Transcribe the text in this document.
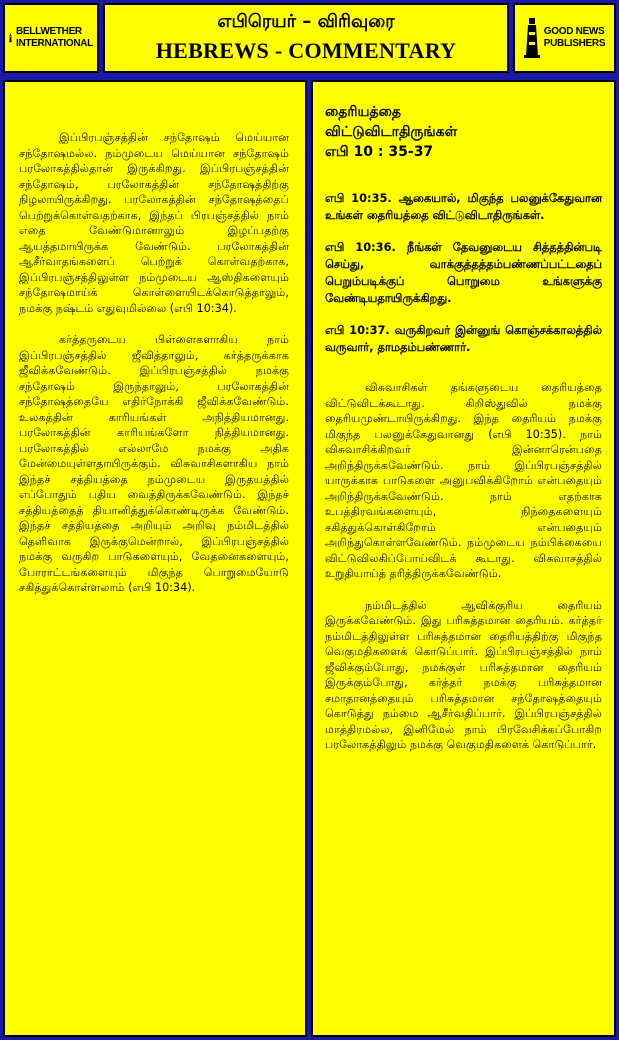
BELLWETHER
INTERNATIONAL
எபிரெயர் – விரிவுரை
HEBREWS - COMMENTARY
GOOD NEWS
PUBLISHERS

இப்பிரபஞ்சத்தின் சந்தோஷம் மெய்யான சந்தோஷமல்ல. நம்முடைய மெய்யான சந்தோஷம் பரலோகத்தில்தான் இருக்கிறது. இப்பிரபஞ்சத்தின் சந்தோஷம், பரலோகத்தின் சந்தோஷத்திற்கு நிழலாயிருக்கிறது. பரலோகத்தின் சந்தோஷத்தைப் பெற்றுக்கொள்வதற்காக, இந்தப் பிரபஞ்சத்தில் நாம் எதை வேண்டுமானாலும் இழப்பதற்கு ஆயத்தமாயிருக்க வேண்டும். பரலோகத்தின் ஆசீர்வாதங்களைப் பெற்றுக் கொள்வதற்காக, இப்பிரபஞ்சத்திலுள்ள நம்முடைய ஆஸ்திகளையும் சந்தோஷமாய்க் கொள்ளையிடக்கொடுத்தாலும், நமக்கு நஷ்டம் எதுவுமில்லை (எபி 10:34).

கர்த்தருடைய பிள்ளைகளாகிய நாம் இப்பிரபஞ்சத்தில் ஜீவித்தாலும், கர்த்தருக்காக ஜீவிக்கவேண்டும். இப்பிரபஞ்சத்தில் நமக்கு சந்தோஷம் இருந்தாலும், பரலோகத்தின் சந்தோஷத்தையே எதிர்நோக்கி ஜீவிக்கவேண்டும். உலகத்தின் காரியங்கள் அநித்தியமானது. பரலோகத்தின் காரியங்களோ நித்தியமானது. பரலோகத்தில் எல்லாமே நமக்கு அதிக மேன்மையுள்ளதாயிருக்கும். விசுவாசிகளாகிய நாம் இந்தச் சத்தியத்தை நம்முடைய இருதயத்தில் எப்போதும் பதிய வைத்திருக்கவேண்டும். இந்தச் சத்தியத்தைத் தியானித்துக்கொண்டிருக்க வேண்டும். இந்தச் சத்தியத்தை அறியும் அறிவு நம்மிடத்தில் தெளிவாக இருக்குமென்றால், இப்பிரபஞ்சத்தில் நமக்கு வருகிற பாடுகளையும், வேதனைகளையும், போராட்டங்களையும் மிகுந்த பொறுமையோடு சகித்துக்கொள்ளலாம் (எபி 10:34).

தைரியத்தை
விட்டுவிடாதிருங்கள்
எபி 10 : 35-37
எபி 10:35. ஆகையால், மிகுந்த பலனுக்கேதுவான உங்கள் தைரியத்தை விட்டுவிடாதிருங்கள்.
எபி 10:36. நீங்கள் தேவனுடைய சித்தத்தின்படி செய்து, வாக்குத்தத்தம்பண்ணப்பட்டதைப் பெறும்படிக்குப் பொறுமை உங்களுக்கு வேண்டியதாயிருக்கிறது.
எபி 10:37. வருகிறவர் இன்னுங் கொஞ்சக்காலத்தில் வருவார், தாமதம்பண்ணார்.

விசுவாசிகள் தங்களுடைய தைரியத்தை விட்டுவிடக்கூடாது. கிறிஸ்துவில் நமக்கு தைரியமுண்டாயிருக்கிறது. இந்த தைரியம் நமக்கு மிகுந்த பலனுக்கேதுவானது (எபி 10:35). நாம் விசுவாசிக்கிறவர் இன்னாரென்பதை அறிந்திருக்கவேண்டும். நாம் இப்பிரபஞ்சத்தில் யாருக்காக பாடுகளை அனுபவிக்கிறோம் என்பதையும் அறிந்திருக்கவேண்டும். நாம் எதற்காக உபத்திரவங்களையும், நிந்தைகளையும் சகித்துக்கொள்கிறோம் என்பதையும் அறிந்துகொள்ளவேண்டும். நம்முடைய நம்பிக்கையை விட்டுவிலகிப்போய்விடக் கூடாது. விசுவாசத்தில் உறுதியாய்த் தரித்திருக்கவேண்டும்.

நம்மிடத்தில் ஆவிக்குரிய தைரியம் இருக்கவேண்டும். இது பரிசுத்தமான தைரியம். கர்த்தர் நம்மிடத்திலுள்ள பரிசுத்தமான தைரியத்திற்கு மிகுந்த வெகுமதிகளைக் கொடுப்பார். இப்பிரபஞ்சத்தில் நாம் ஜீவிக்கும்போது, நமக்குள் பரிசுத்தமான தைரியம் இருக்கும்போது, கர்த்தர் நமக்கு பரிசுத்தமான சமாதானத்தையும் பரிசுத்தமான சந்தோஷத்தையும் கொடுத்து நம்மை ஆசீர்வதிப்பார். இப்பிரபஞ்சத்தில் மாத்திரமல்ல, இனிமேல் நாம் பிரவேசிக்கப்போகிற பரலோகத்திலும் நமக்கு வெகுமதிகளைக் கொடுப்பார்.
